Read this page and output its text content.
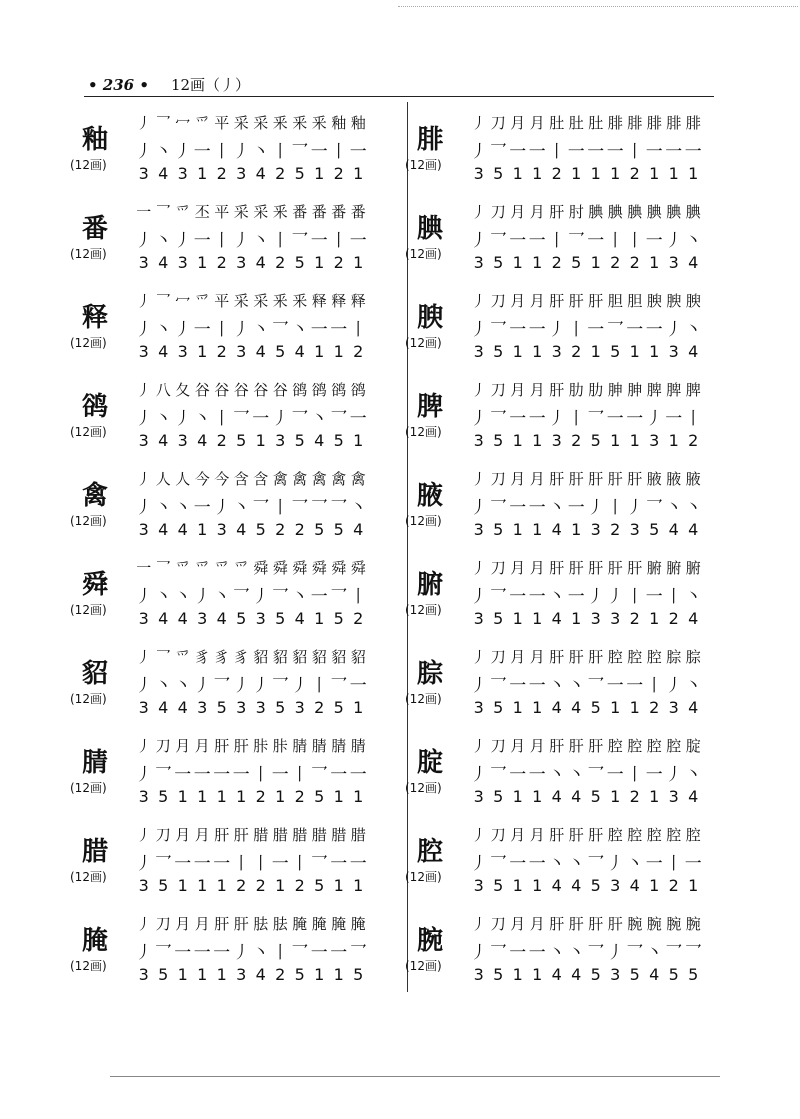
• 236 • 12画（丿）
釉
(12画)
丿 乛 冖 爫 平 采 采 釆 釆 釆 釉 釉
丿 丶 丿 一 丨 丿 丶 丨 乛 一 丨 一
3 4 3 1 2 3 4 2 5 1 2 1
番
(12画)
一 乛 爫 丕 平 采 采 釆 番 番 番 番
丿 丶 丿 一 丨 丿 丶 丨 乛 一 丨 一
3 4 3 1 2 3 4 2 5 1 2 1
释
(12画)
丿 乛 冖 爫 平 采 采 釆 釆 释 释 释
丿 丶 丿 一 丨 丿 丶 乛 丶 一 一 丨
3 4 3 1 2 3 4 5 4 1 1 2
鹆
(12画)
丿 八 夂 谷 谷 谷 谷 谷 鹆 鹆 鹆 鹆
丿 丶 丿 丶 丨 乛 一 丿 乛 丶 乛 一
3 4 3 4 2 5 1 3 5 4 5 1
禽
(12画)
丿 人 人 今 今 含 含 禽 禽 禽 禽 禽
丿 丶 丶 一 丿 丶 乛 丨 乛 乛 乛 丶
3 4 4 1 3 4 5 2 2 5 5 4
舜
(12画)
一 乛 爫 爫 爫 爫 舜 舜 舜 舜 舜 舜
丿 丶 丶 丿 丶 乛 丿 乛 丶 一 乛 丨
3 4 4 3 4 5 3 5 4 1 5 2
貂
(12画)
丿 乛 爫 豸 豸 豸 貂 貂 貂 貂 貂 貂
丿 丶 丶 丿 乛 丿 丿 乛 丿 丨 乛 一
3 4 4 3 5 3 3 5 3 2 5 1
腈
(12画)
丿 刀 月 月 肝 肝 胩 胩 腈 腈 腈 腈
丿 乛 一 一 一 一 丨 一 丨 乛 一 一
3 5 1 1 1 1 2 1 2 5 1 1
腊
(12画)
丿 刀 月 月 肝 肝 腊 腊 腊 腊 腊 腊
丿 乛 一 一 一 丨 丨 一 丨 乛 一 一
3 5 1 1 1 2 2 1 2 5 1 1
腌
(12画)
丿 刀 月 月 肝 肝 胠 胠 腌 腌 腌 腌
丿 乛 一 一 一 丿 丶 丨 乛 一 一 乛
3 5 1 1 1 3 4 2 5 1 1 5
腓
(12画)
丿 刀 月 月 肚 肚 肚 腓 腓 腓 腓 腓
丿 乛 一 一 丨 一 一 一 丨 一 一 一
3 5 1 1 2 1 1 1 2 1 1 1
腆
(12画)
丿 刀 月 月 肝 肘 腆 腆 腆 腆 腆 腆
丿 乛 一 一 丨 乛 一 丨 丨 一 丿 丶
3 5 1 1 2 5 1 2 2 1 3 4
腴
(12画)
丿 刀 月 月 肝 肝 肝 胆 胆 腴 腴 腴
丿 乛 一 一 丿 丨 一 乛 一 一 丿 丶
3 5 1 1 3 2 1 5 1 1 3 4
脾
(12画)
丿 刀 月 月 肝 肋 肋 胂 胂 脾 脾 脾
丿 乛 一 一 丿 丨 乛 一 一 丿 一 丨
3 5 1 1 3 2 5 1 1 3 1 2
腋
(12画)
丿 刀 月 月 肝 肝 肝 肝 肝 腋 腋 腋
丿 乛 一 一 丶 一 丿 丨 丿 乛 丶 丶
3 5 1 1 4 1 3 2 3 5 4 4
腑
(12画)
丿 刀 月 月 肝 肝 肝 肝 肝 腑 腑 腑
丿 乛 一 一 丶 一 丿 丿 丨 一 丨 丶
3 5 1 1 4 1 3 3 2 1 2 4
腙
(12画)
丿 刀 月 月 肝 肝 肝 腔 腔 腔 腙 腙
丿 乛 一 一 丶 丶 乛 一 一 丨 丿 丶
3 5 1 1 4 4 5 1 1 2 3 4
腚
(12画)
丿 刀 月 月 肝 肝 肝 腔 腔 腔 腔 腚
丿 乛 一 一 丶 丶 乛 一 丨 一 丿 丶
3 5 1 1 4 4 5 1 2 1 3 4
腔
(12画)
丿 刀 月 月 肝 肝 肝 腔 腔 腔 腔 腔
丿 乛 一 一 丶 丶 乛 丿 丶 一 丨 一
3 5 1 1 4 4 5 3 4 1 2 1
腕
(12画)
丿 刀 月 月 肝 肝 肝 肝 腕 腕 腕 腕
丿 乛 一 一 丶 丶 乛 丿 乛 丶 乛 乛
3 5 1 1 4 4 5 3 5 4 5 5
